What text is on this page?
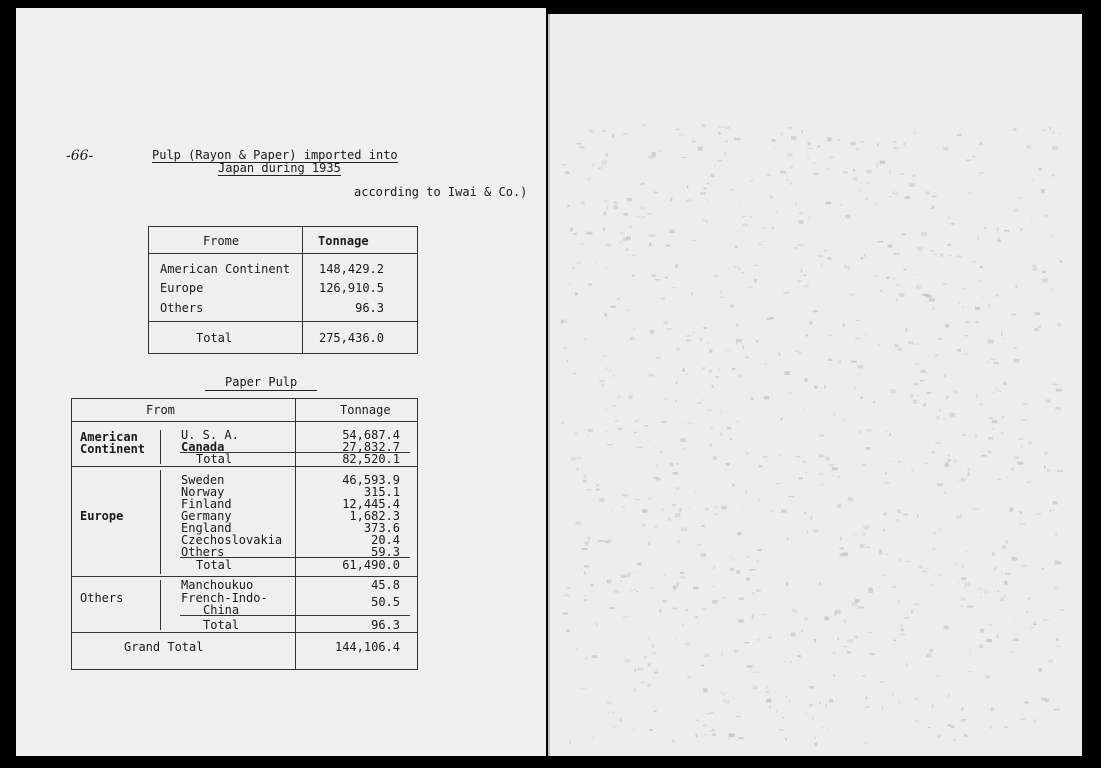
-66-	Pulp (Rayon & Paper) imported into
Japan during 1935
according to Iwai & Co.)
Frome	Tonnage
American Continent	148,429.2
Europe	126,910.5
Others	96.3
Total	275,436.0
Paper Pulp
From	Tonnage
American
Continent
U. S. A.	54,687.4
Canada	27,832.7
Total	82,520.1
Europe
Sweden	46,593.9
Norway	315.1
Finland	12,445.4
Germany	1,682.3
England	373.6
Czechoslovakia	20.4
Others	59.3
Total	61,490.0
Others
Manchoukuo	45.8
French-Indo-
China
50.5
Total	96.3
Grand Total	144,106.4
